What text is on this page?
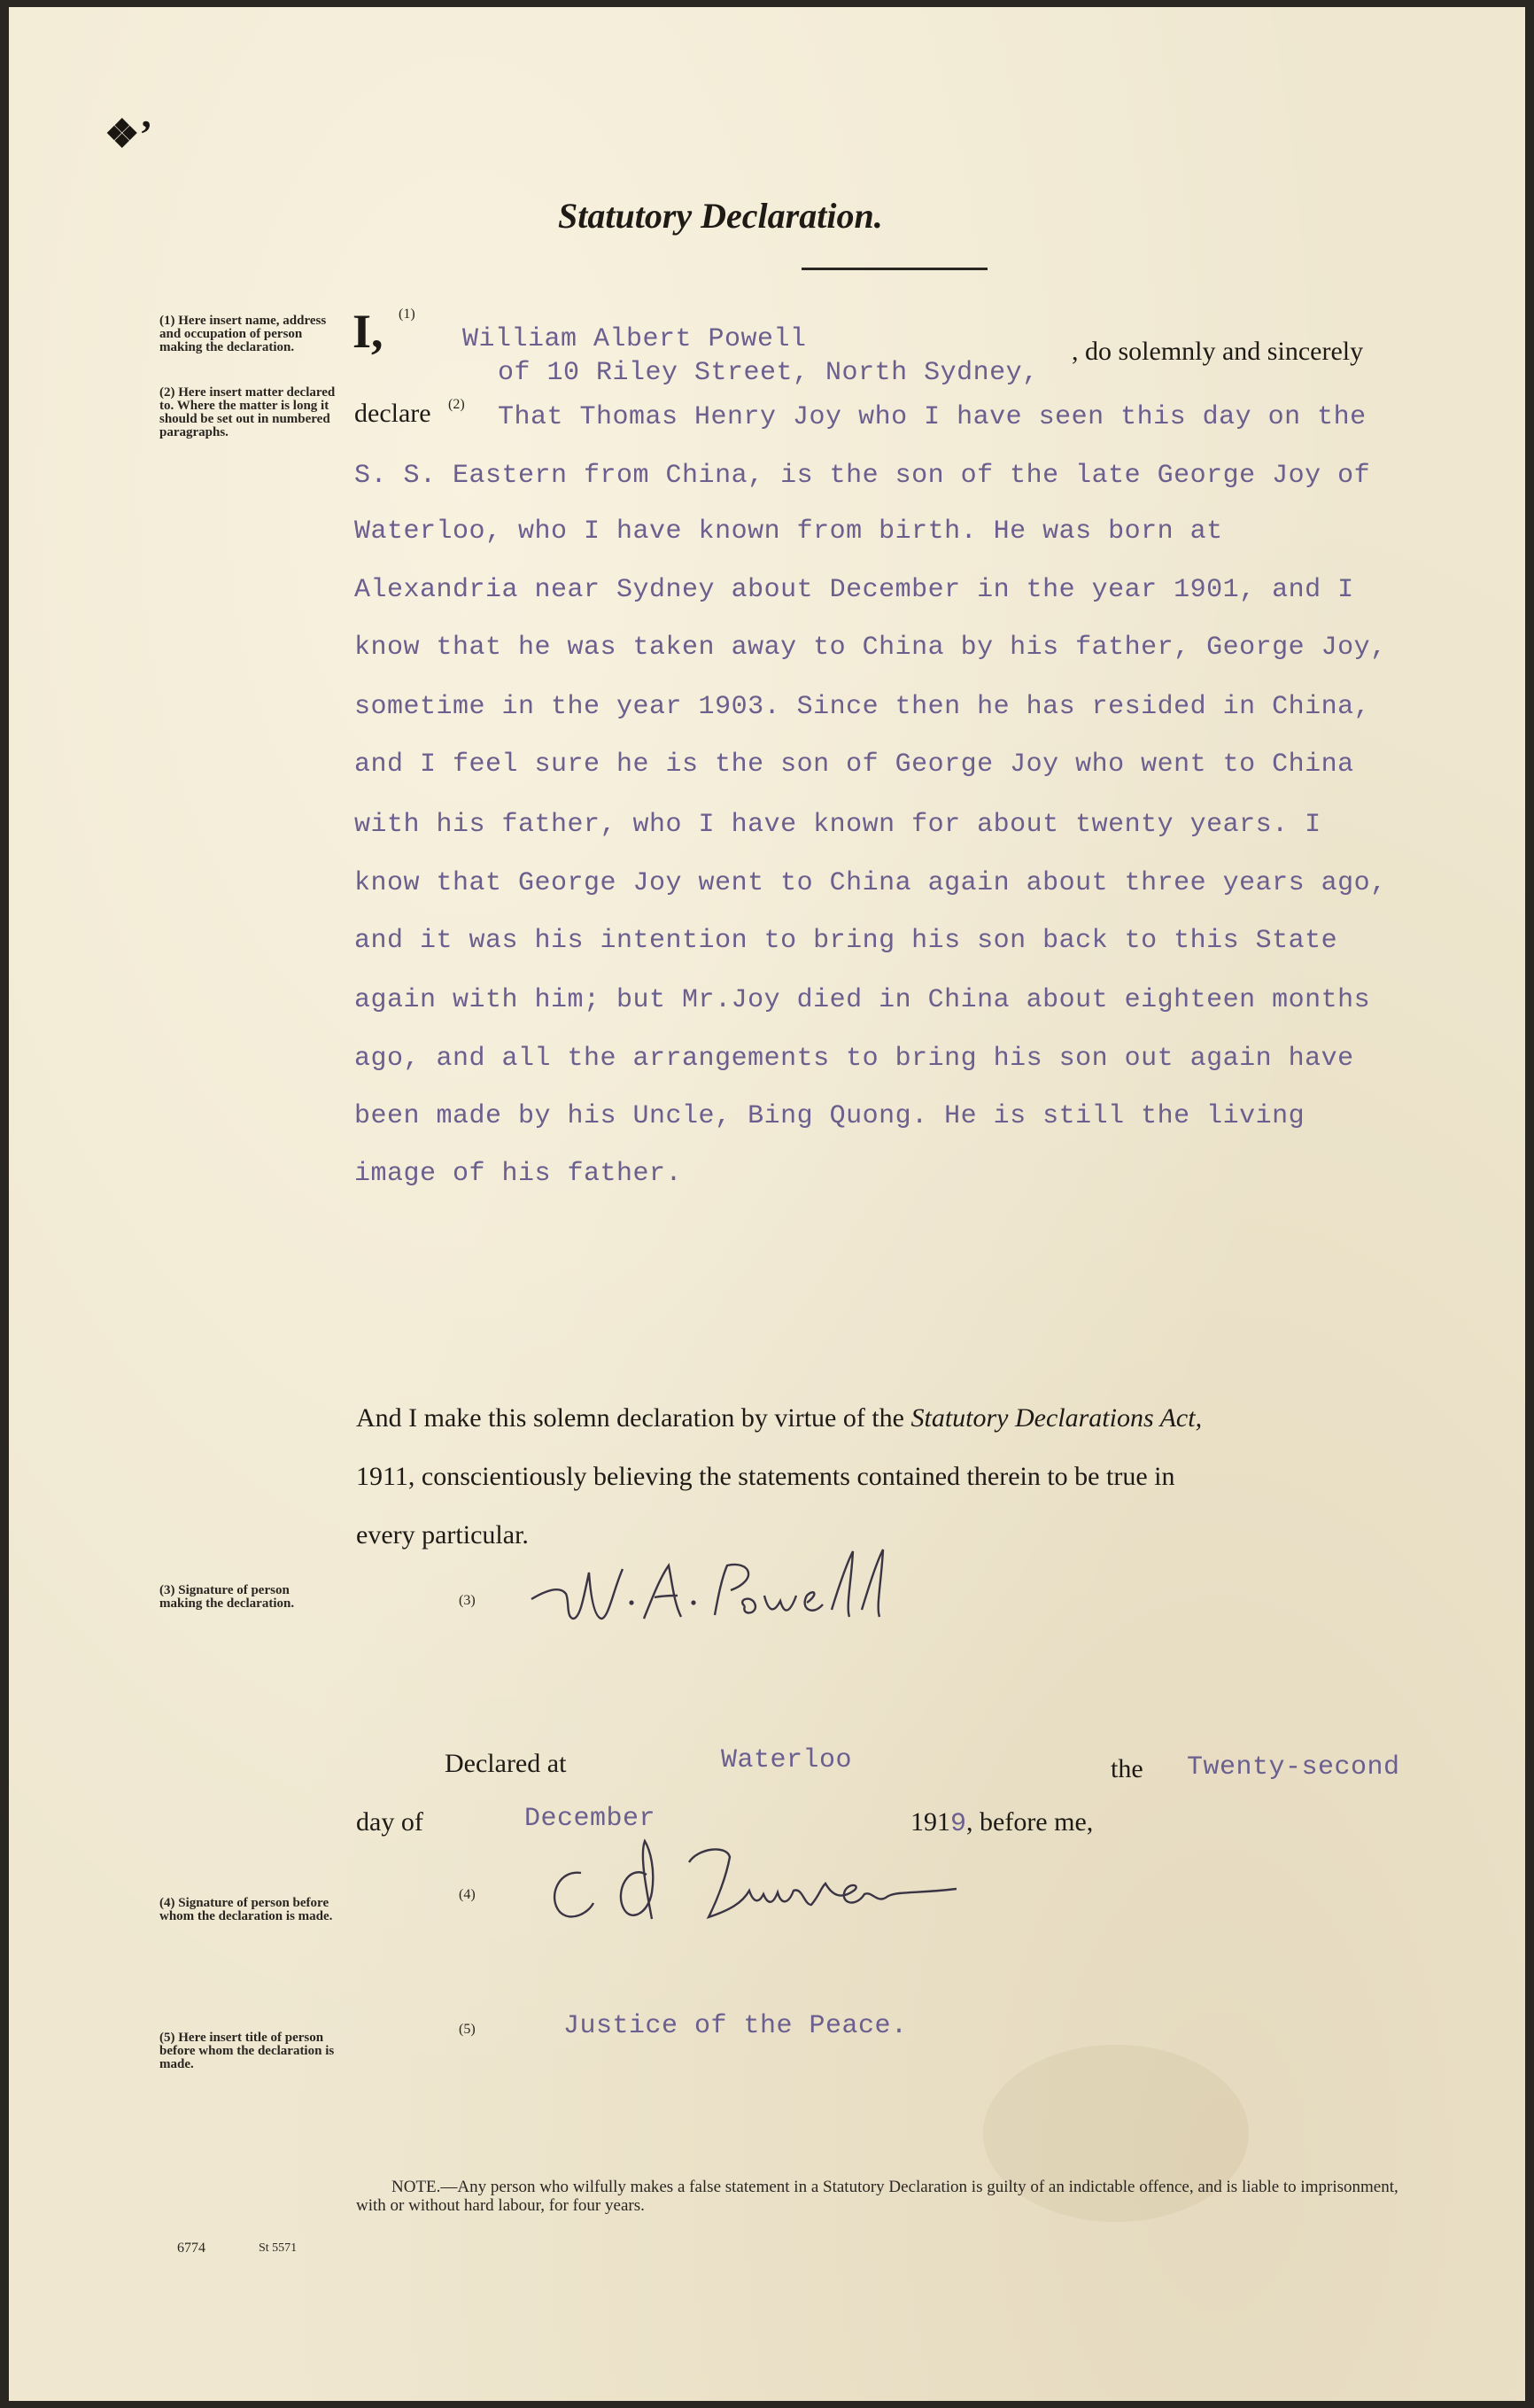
❖’
Statutory Declaration.
(1) Here insert name, address and occupation of person making the declaration.
(2) Here insert matter declared to. Where the matter is long it should be set out in numbered paragraphs.
(3) Signature of person making the declaration.
(4) Signature of person before whom the declaration is made.
(5) Here insert title of person before whom the declaration is made.
I, (1)
William Albert Powell	, do solemnly and sincerely
of 10 Riley Street, North Sydney,
declare (2) That Thomas Henry Joy who I have seen this day on the
S. S. Eastern from China, is the son of the late George Joy of
Waterloo, who I have known from birth. He was born at
Alexandria near Sydney about December in the year 1901, and I
know that he was taken away to China by his father, George Joy,
sometime in the year 1903. Since then he has resided in China,
and I feel sure he is the son of George Joy who went to China
with his father, who I have known for about twenty years. I
know that George Joy went to China again about three years ago,
and it was his intention to bring his son back to this State
again with him; but Mr.Joy died in China about eighteen months
ago, and all the arrangements to bring his son out again have
been made by his Uncle, Bing Quong. He is still the living
image of his father.
And I make this solemn declaration by virtue of the Statutory Declarations Act,
1911, conscientiously believing the statements contained therein to be true in
every particular.
(3)
Declared at	Waterloo	the Twenty-second
day of	December	1919, before me,
(4)
(5)	Justice of the Peace.
NOTE.—Any person who wilfully makes a false statement in a Statutory Declaration is guilty of an indictable offence, and is liable to imprisonment, with or without hard labour, for four years.
6774	St 5571
